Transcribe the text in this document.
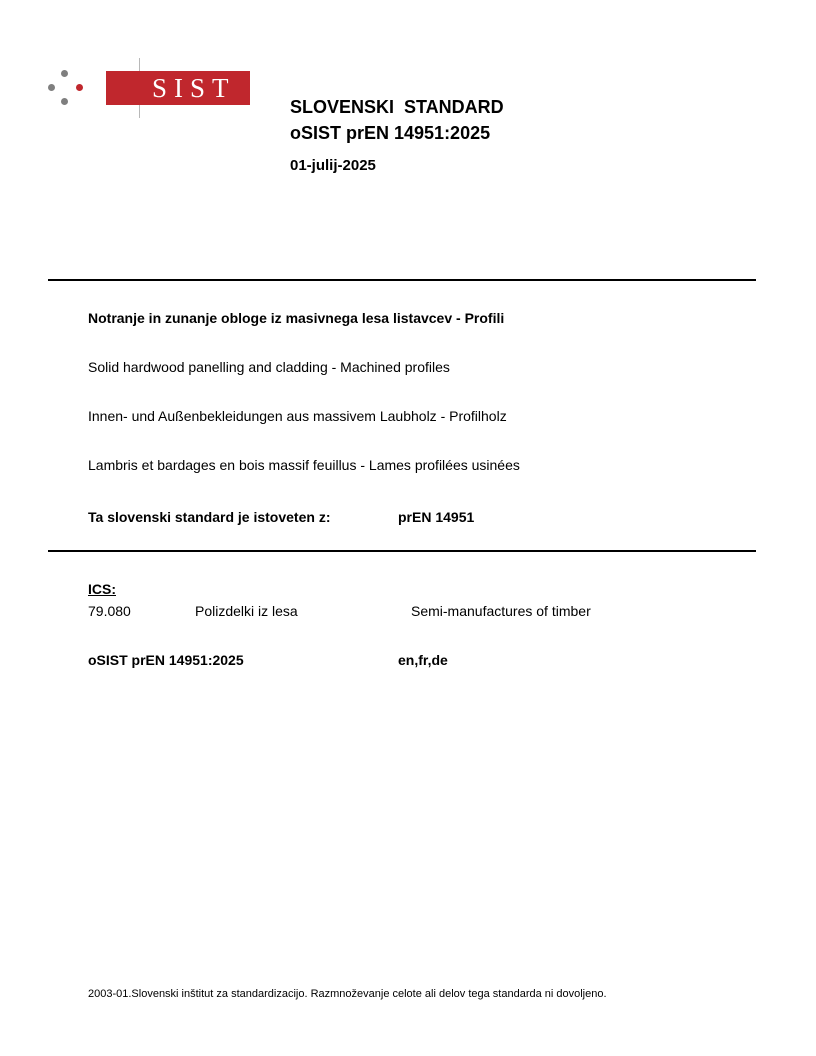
SIST
SLOVENSKI  STANDARD
oSIST prEN 14951:2025
01-julij-2025
Notranje in zunanje obloge iz masivnega lesa listavcev - Profili
Solid hardwood panelling and cladding - Machined profiles
Innen- und Außenbekleidungen aus massivem Laubholz - Profilholz
Lambris et bardages en bois massif feuillus - Lames profilées usinées
Ta slovenski standard je istoveten z:	prEN 14951
ICS:
79.080	Polizdelki iz lesa	Semi-manufactures of timber
oSIST prEN 14951:2025	en,fr,de
2003-01.Slovenski inštitut za standardizacijo. Razmnoževanje celote ali delov tega standarda ni dovoljeno.
